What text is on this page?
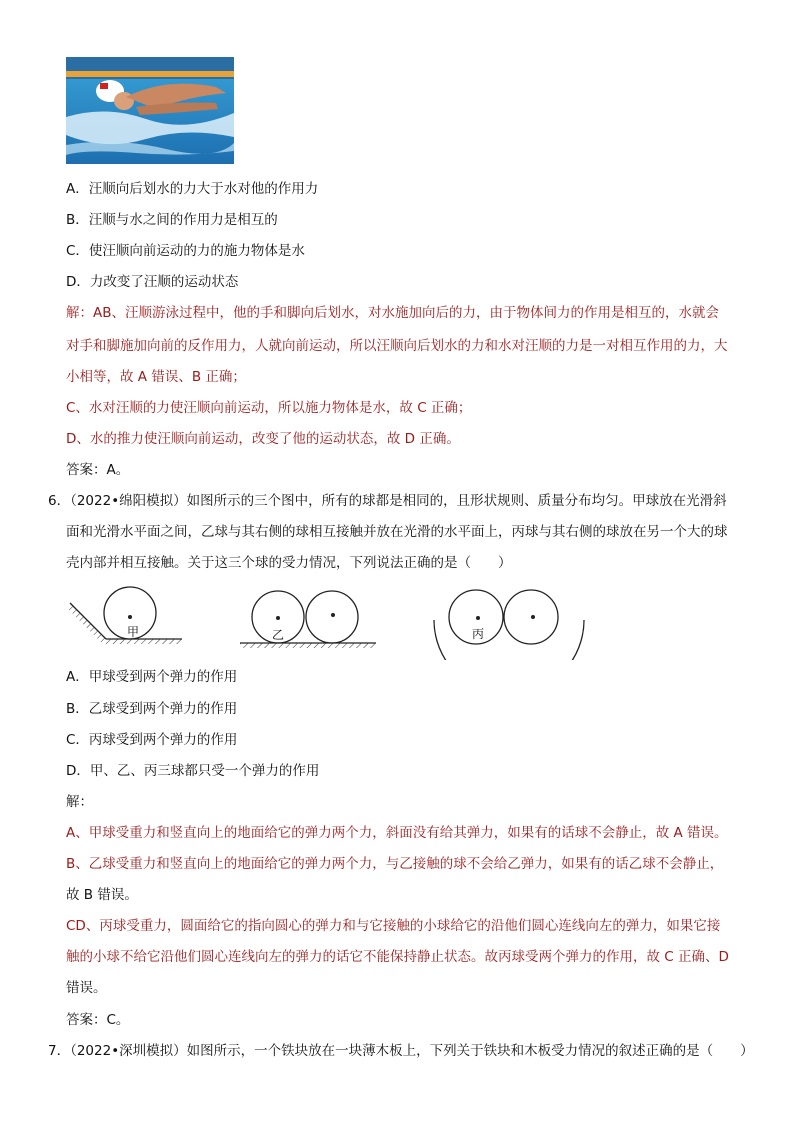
A．汪顺向后划水的力大于水对他的作用力
B．汪顺与水之间的作用力是相互的
C．使汪顺向前运动的力的施力物体是水
D．力改变了汪顺的运动状态
解：AB、汪顺游泳过程中，他的手和脚向后划水，对水施加向后的力，由于物体间力的作用是相互的，水就会
对手和脚施加向前的反作用力，人就向前运动，所以汪顺向后划水的力和水对汪顺的力是一对相互作用的力，大
小相等，故 A 错误、B 正确；
C、水对汪顺的力使汪顺向前运动，所以施力物体是水，故 C 正确；
D、水的推力使汪顺向前运动，改变了他的运动状态，故 D 正确。
答案：A。
6．（2022•绵阳模拟）如图所示的三个图中，所有的球都是相同的，且形状规则、质量分布均匀。甲球放在光滑斜
面和光滑水平面之间，乙球与其右侧的球相互接触并放在光滑的水平面上，丙球与其右侧的球放在另一个大的球
壳内部并相互接触。关于这三个球的受力情况，下列说法正确的是（　　）
甲	乙	丙
A．甲球受到两个弹力的作用
B．乙球受到两个弹力的作用
C．丙球受到两个弹力的作用
D．甲、乙、丙三球都只受一个弹力的作用
解：
A、甲球受重力和竖直向上的地面给它的弹力两个力，斜面没有给其弹力，如果有的话球不会静止，故 A 错误。
B、乙球受重力和竖直向上的地面给它的弹力两个力，与乙接触的球不会给乙弹力，如果有的话乙球不会静止，
故 B 错误。
CD、丙球受重力，圆面给它的指向圆心的弹力和与它接触的小球给它的沿他们圆心连线向左的弹力，如果它接
触的小球不给它沿他们圆心连线向左的弹力的话它不能保持静止状态。故丙球受两个弹力的作用，故 C 正确、D
错误。
答案：C。
7．（2022•深圳模拟）如图所示，一个铁块放在一块薄木板上，下列关于铁块和木板受力情况的叙述正确的是（　　）
